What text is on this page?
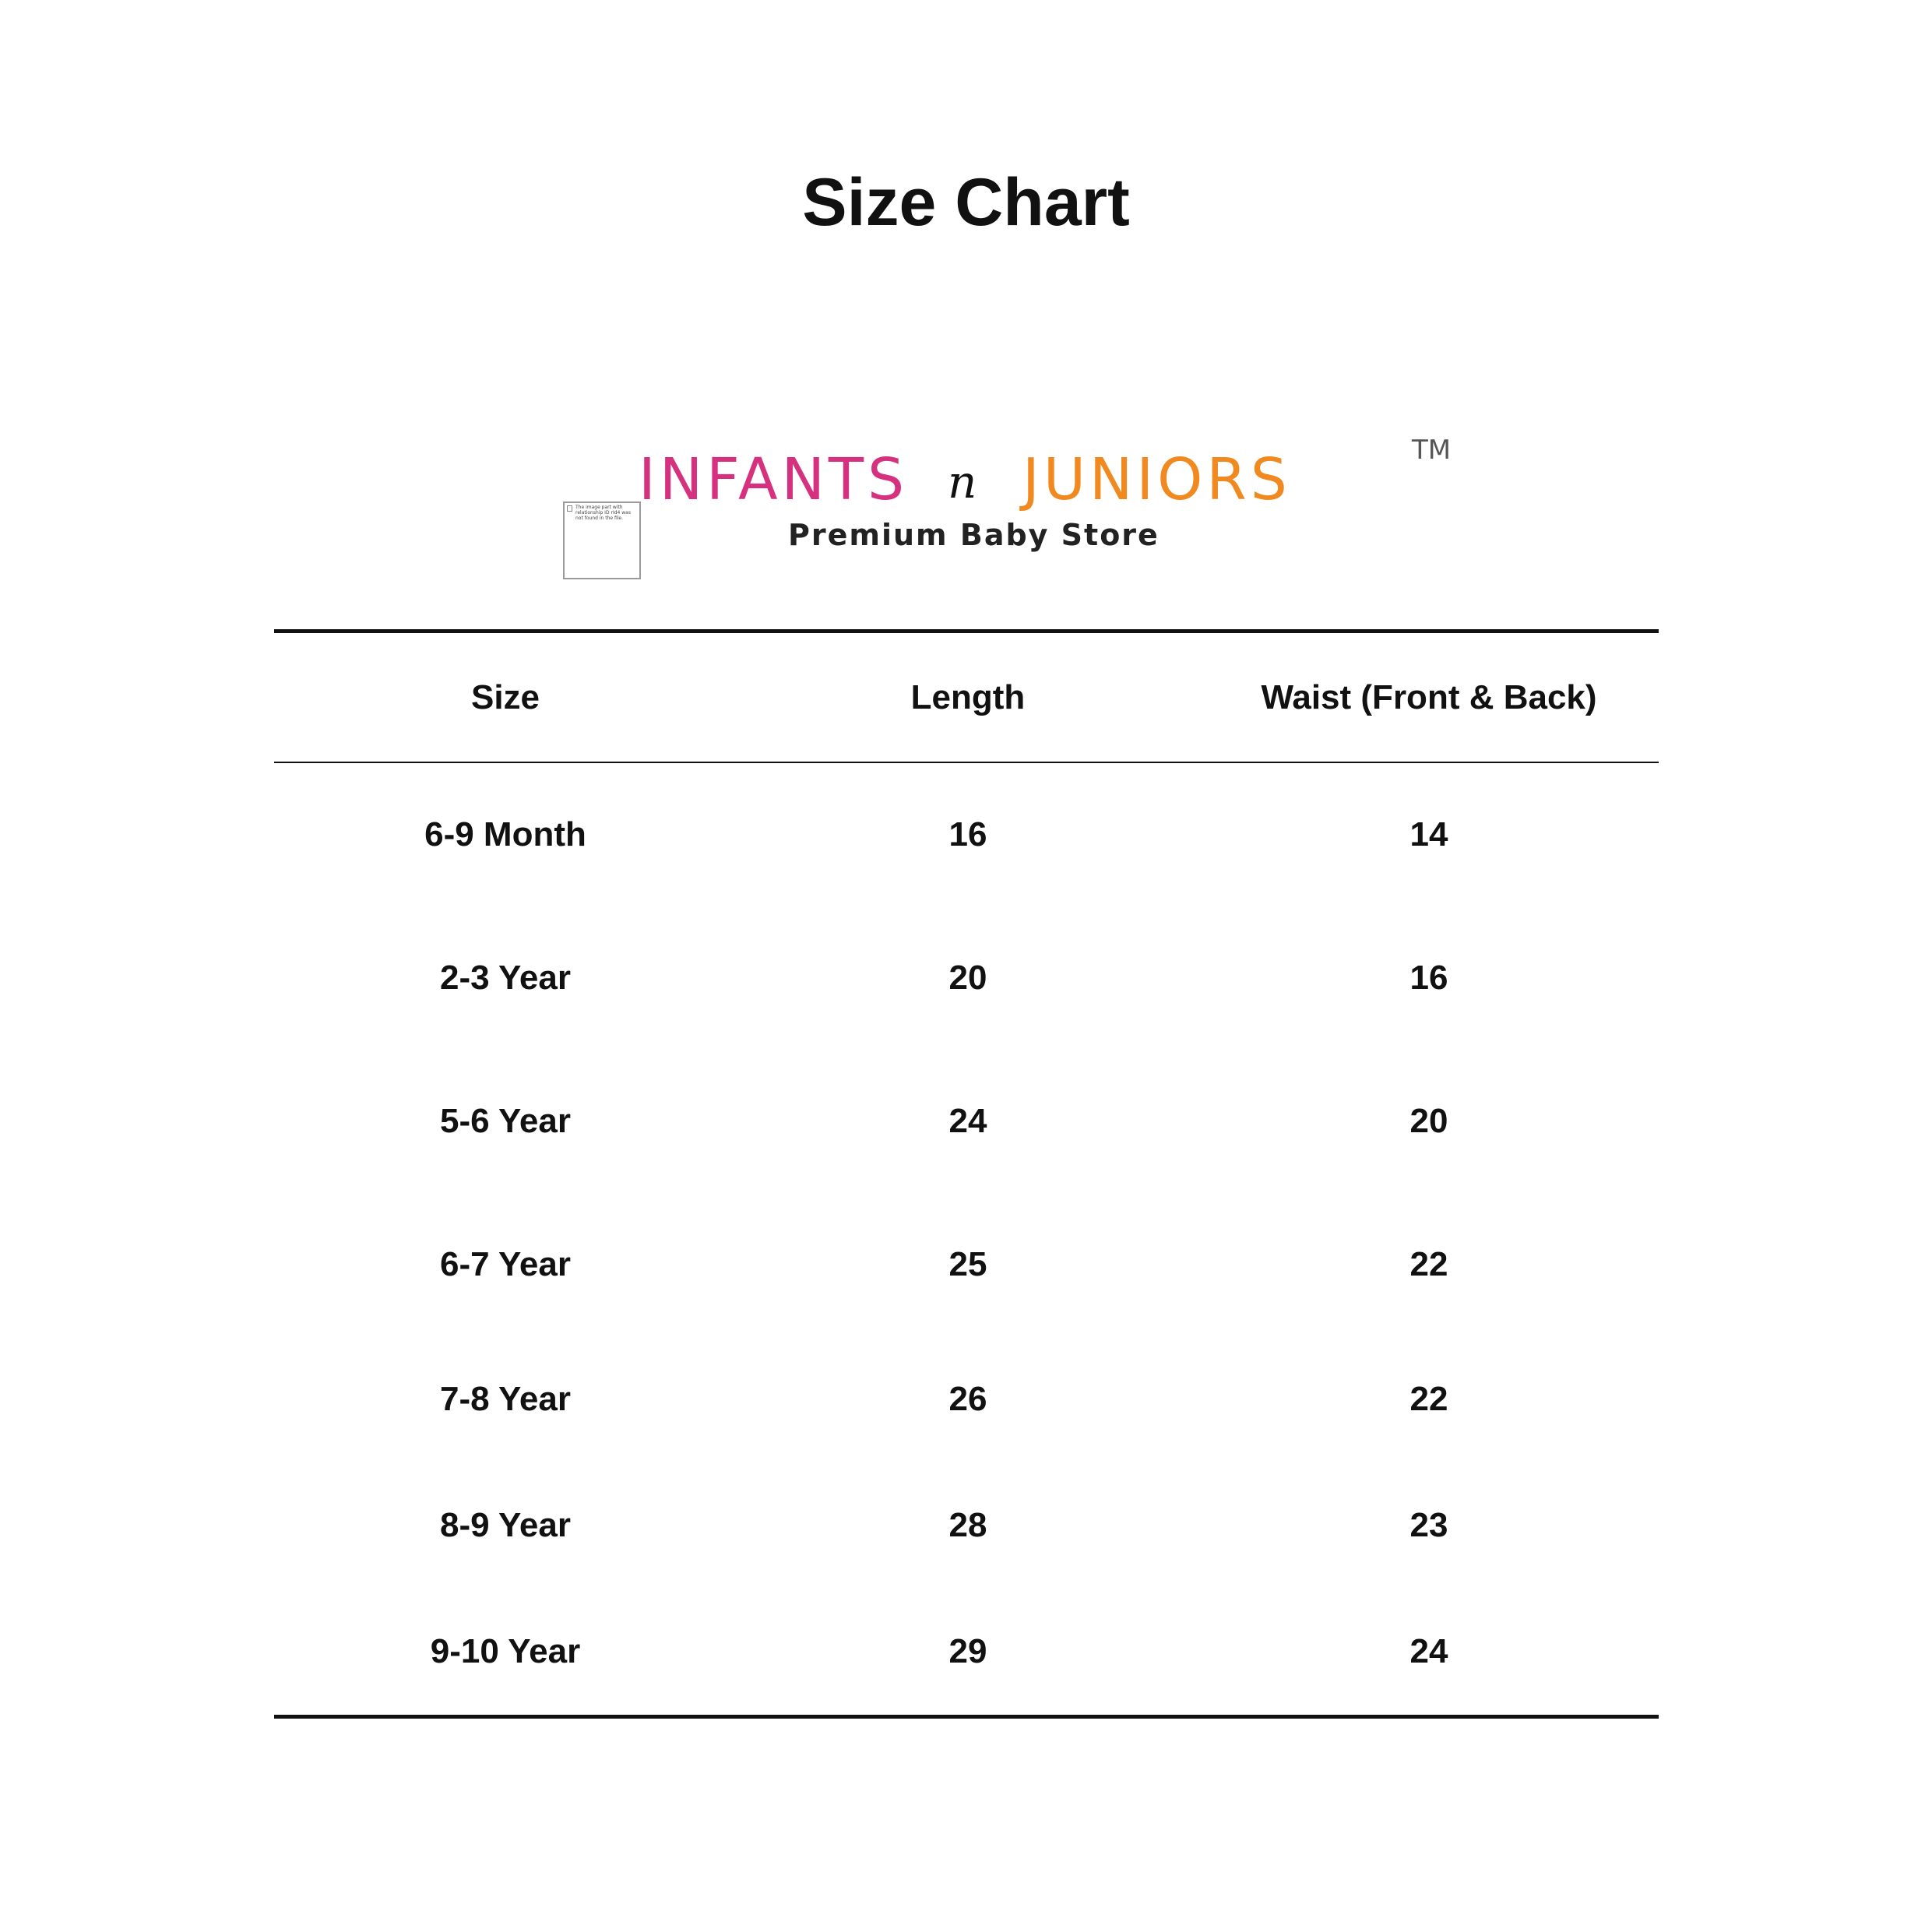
Size Chart
The image part with relationship ID rId4 was not found in the file.
INFANTS n JUNIORS	TM
Premium Baby Store
Size	Length	Waist (Front & Back)
6-9 Month	16	14
2-3 Year	20	16
5-6 Year	24	20
6-7 Year	25	22
7-8 Year	26	22
8-9 Year	28	23
9-10 Year	29	24
